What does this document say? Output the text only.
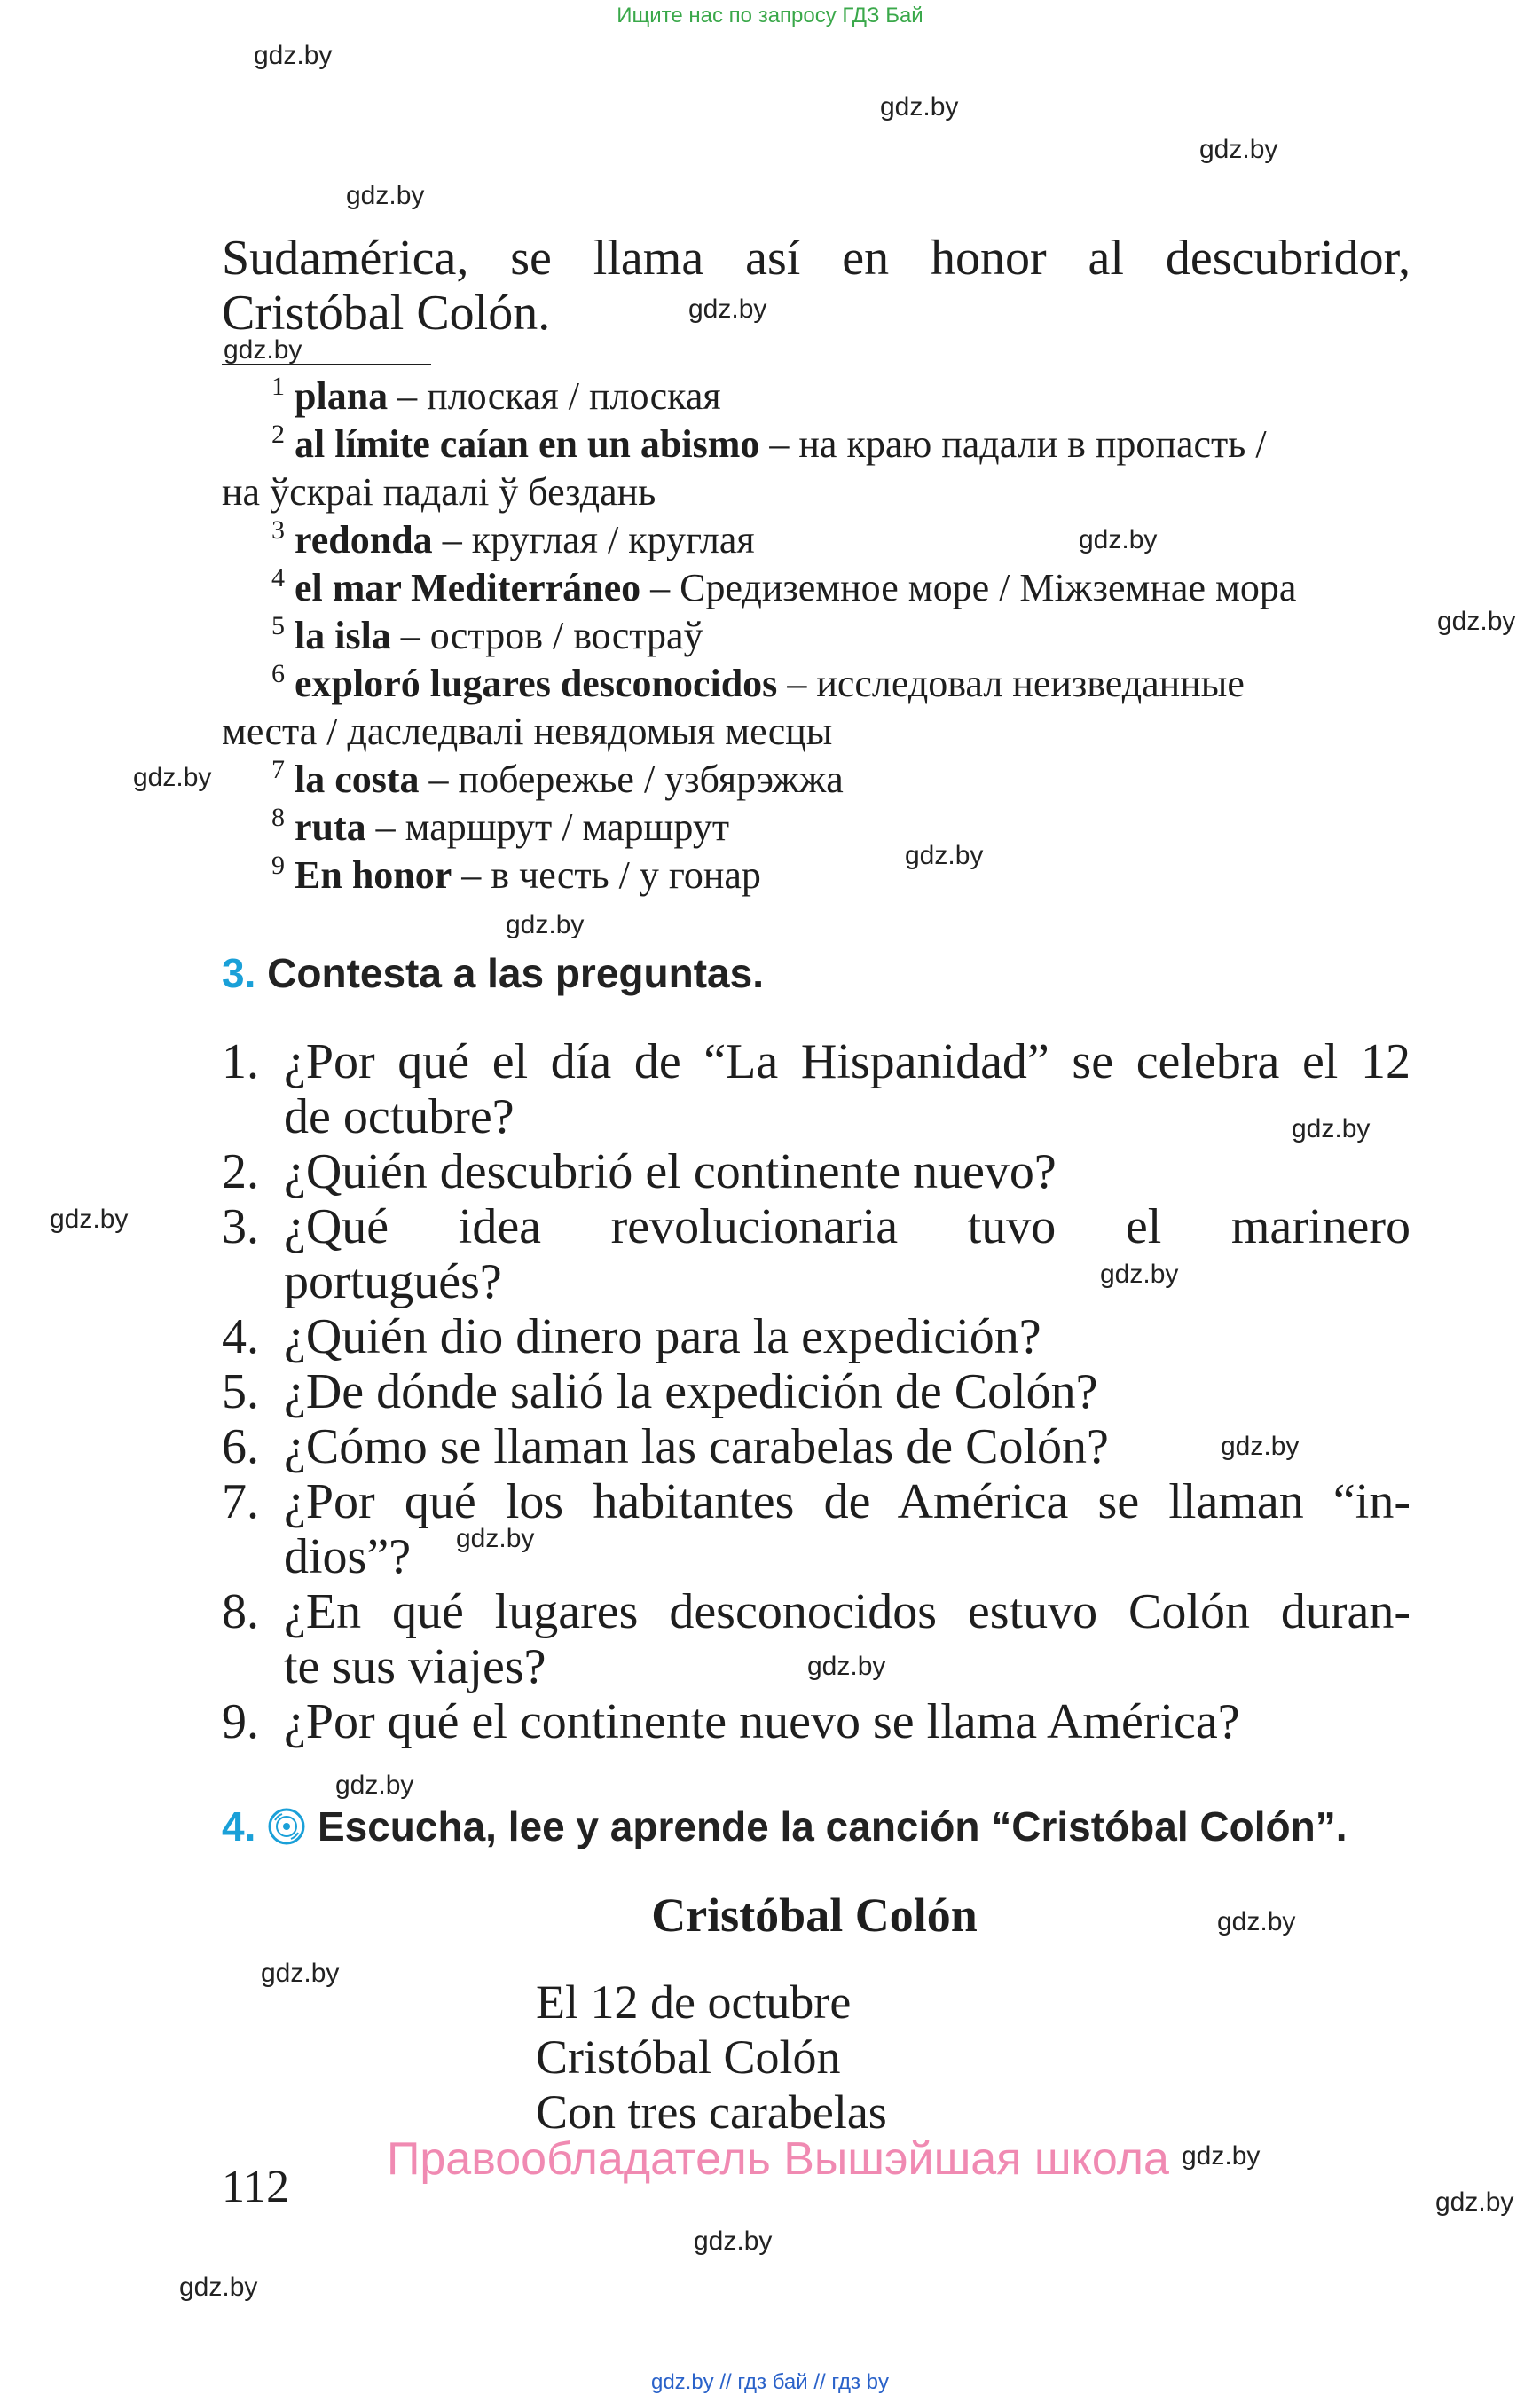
Ищите нас по запросу ГДЗ Бай
Sudamérica, se llama así en honor al descubridor,
Cristóbal Colón.
$^1$ plana – плоская / плоская
$^2$ al límite caían en un abismo – на краю падали в пропасть /
на ўскраі падалі ў бездань
$^3$ redonda – круглая / круглая
$^4$ el mar Mediterráneo – Средиземное море / Міжземнае мора
$^5$ la isla – остров / востраў
$^6$ exploró lugares desconocidos – исследовал неизведанные
места / даследвалі невядомыя месцы
$^7$ la costa – побережье / узбярэжжа
$^8$ ruta – маршрут / маршрут
$^9$ En honor – в честь / у гонар
3. Contesta a las preguntas.
1. ¿Por qué el día de “La Hispanidad” se celebra el 12
de octubre?
2. ¿Quién descubrió el continente nuevo?
3. ¿Qué idea revolucionaria tuvo el marinero
portugués?
4. ¿Quién dio dinero para la expedición?
5. ¿De dónde salió la expedición de Colón?
6. ¿Cómo se llaman las carabelas de Colón?
7. ¿Por qué los habitantes de América se llaman “in-
dios”?
8. ¿En qué lugares desconocidos estuvo Colón duran-
te sus viajes?
9. ¿Por qué el continente nuevo se llama América?
4. Escucha, lee y aprende la canción “Cristóbal Colón”.
Cristóbal Colón
El 12 de octubre
Cristóbal Colón
Con tres carabelas
Правообладатель Вышэйшая школа
112
gdz.by
gdz.by
gdz.by
gdz.by
gdz.by
gdz.by
gdz.by
gdz.by
gdz.by
gdz.by
gdz.by
gdz.by
gdz.by
gdz.by
gdz.by
gdz.by
gdz.by
gdz.by
gdz.by
gdz.by
gdz.by
gdz.by
gdz.by
gdz.by
gdz.by // гдз бай // гдз by
